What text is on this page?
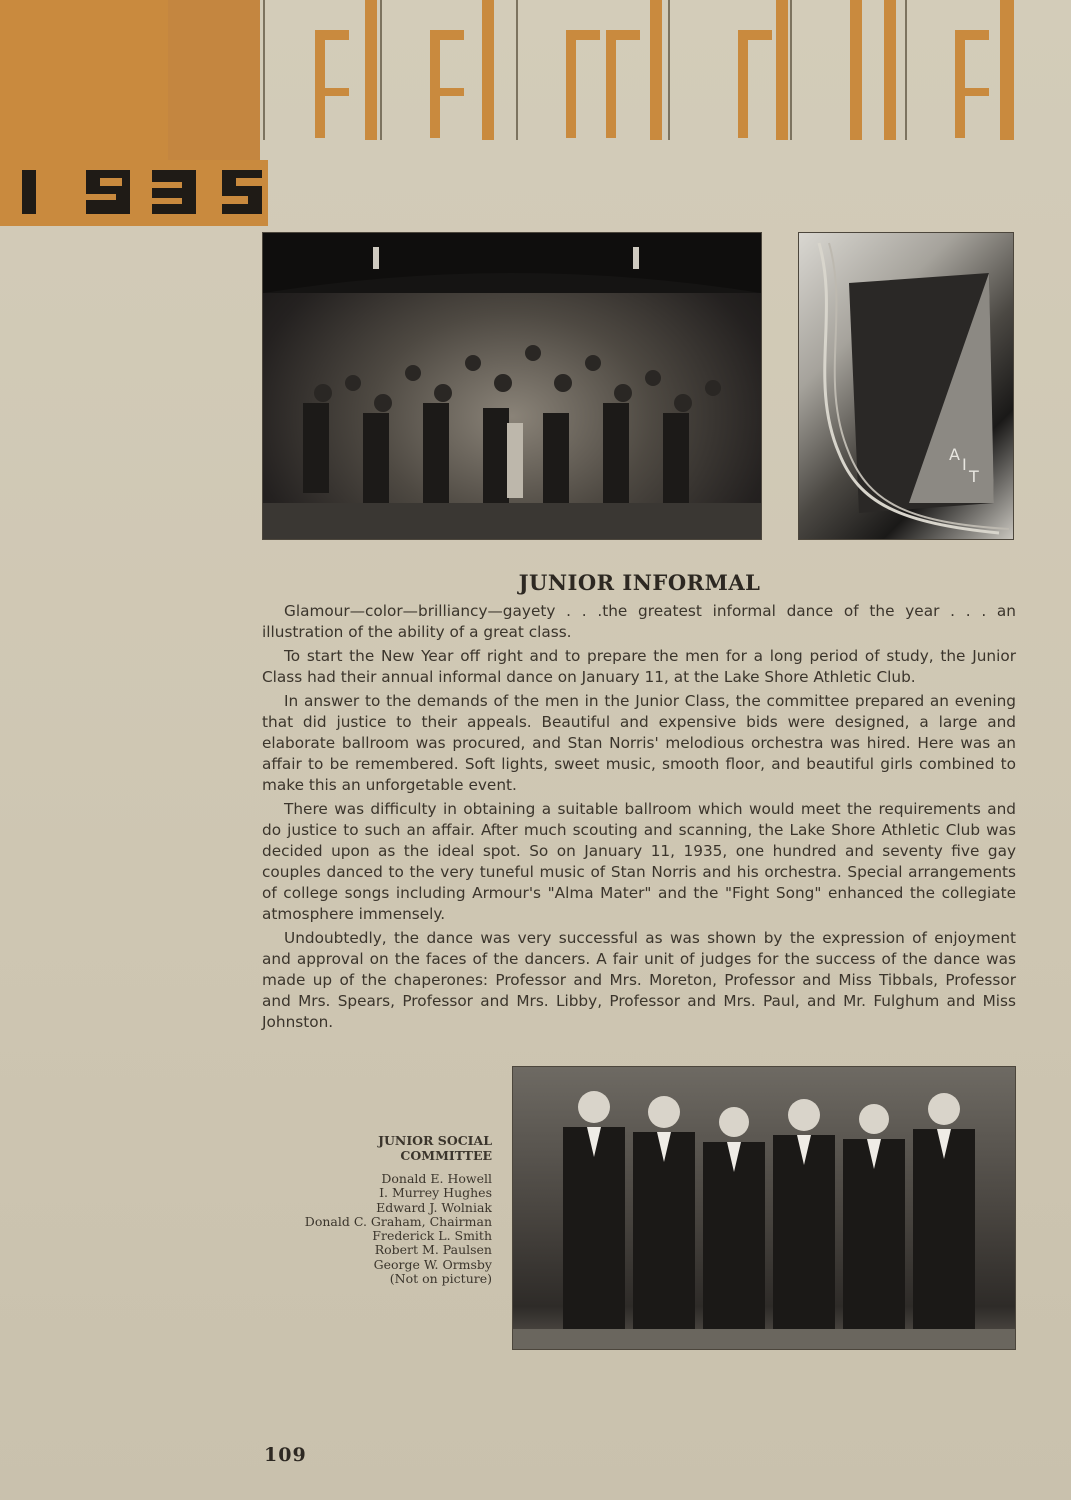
A
I
T
JUNIOR INFORMAL

Glamour—color—brilliancy—gayety . . .the greatest informal dance of the year . . . an illustration of the ability of a great class.

To start the New Year off right and to prepare the men for a long period of study, the Junior Class had their annual informal dance on January 11, at the Lake Shore Athletic Club.

In answer to the demands of the men in the Junior Class, the committee prepared an evening that did justice to their appeals. Beautiful and expensive bids were designed, a large and elaborate ballroom was procured, and Stan Norris' melodious orchestra was hired. Here was an affair to be remembered. Soft lights, sweet music, smooth floor, and beautiful girls combined to make this an unforgetable event.

There was difficulty in obtaining a suitable ballroom which would meet the requirements and do justice to such an affair. After much scouting and scanning, the Lake Shore Athletic Club was decided upon as the ideal spot. So on January 11, 1935, one hundred and seventy five gay couples danced to the very tuneful music of Stan Norris and his orchestra. Special arrangements of college songs including Armour's "Alma Mater" and the "Fight Song" enhanced the collegiate atmosphere immensely.

Undoubtedly, the dance was very successful as was shown by the expression of enjoyment and approval on the faces of the dancers. A fair unit of judges for the success of the dance was made up of the chaperones: Professor and Mrs. Moreton, Professor and Miss Tibbals, Professor and Mrs. Spears, Professor and Mrs. Libby, Professor and Mrs. Paul, and Mr. Fulghum and Miss Johnston.

JUNIOR SOCIAL
COMMITTEE
Donald E. Howell
I. Murrey Hughes
Edward J. Wolniak
Donald C. Graham, Chairman
Frederick L. Smith
Robert M. Paulsen
George W. Ormsby
(Not on picture)
109
